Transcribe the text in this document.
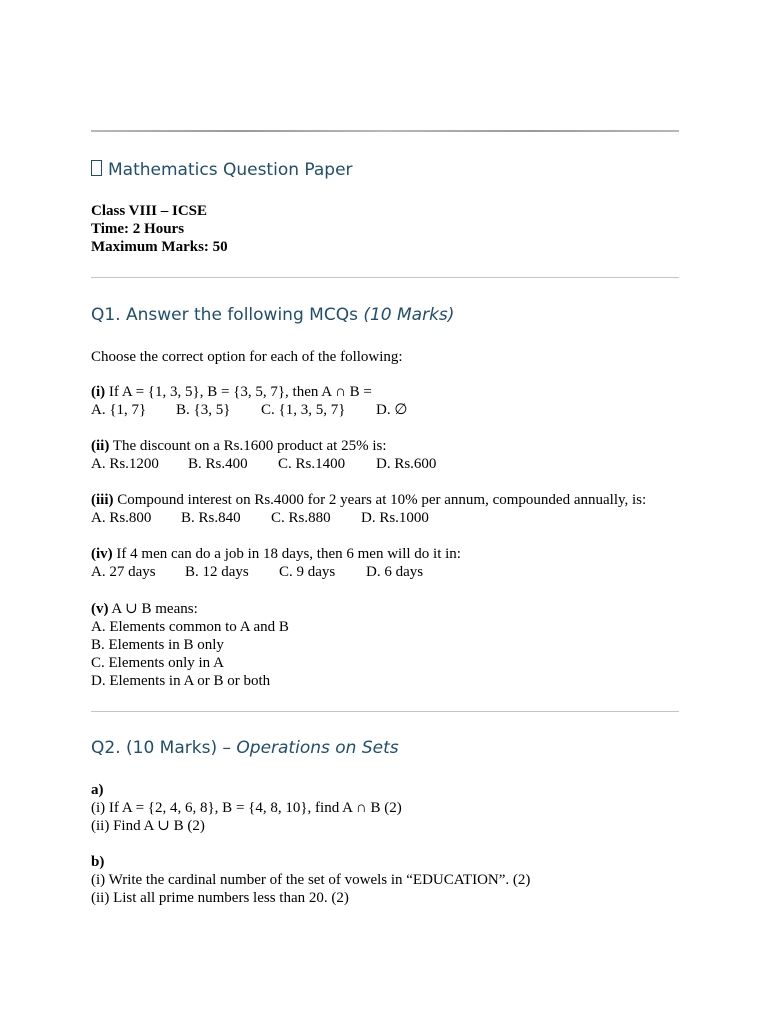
Mathematics Question Paper
Class VIII – ICSE
Time: 2 Hours
Maximum Marks: 50
Q1. Answer the following MCQs (10 Marks)
Choose the correct option for each of the following:
(i) If A = {1, 3, 5}, B = {3, 5, 7}, then A ∩ B =
A. {1, 7} B. {3, 5} C. {1, 3, 5, 7} D. ∅
(ii) The discount on a Rs.1600 product at 25% is:
A. Rs.1200 B. Rs.400 C. Rs.1400 D. Rs.600
(iii) Compound interest on Rs.4000 for 2 years at 10% per annum, compounded annually, is:
A. Rs.800 B. Rs.840 C. Rs.880 D. Rs.1000
(iv) If 4 men can do a job in 18 days, then 6 men will do it in:
A. 27 days B. 12 days C. 9 days D. 6 days
(v) A ∪ B means:
A. Elements common to A and B
B. Elements in B only
C. Elements only in A
D. Elements in A or B or both
Q2. (10 Marks) – Operations on Sets
a)
(i) If A = {2, 4, 6, 8}, B = {4, 8, 10}, find A ∩ B (2)
(ii) Find A ∪ B (2)
b)
(i) Write the cardinal number of the set of vowels in “EDUCATION”. (2)
(ii) List all prime numbers less than 20. (2)
